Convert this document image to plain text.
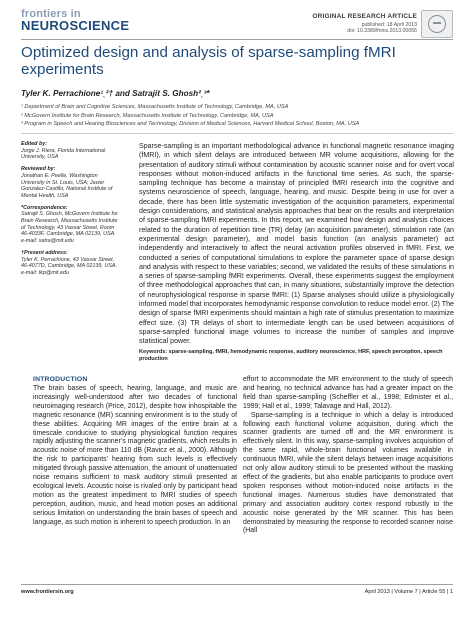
frontiers in
NEUROSCIENCE
ORIGINAL RESEARCH ARTICLE
published: 18 April 2013
doi: 10.3389/fnins.2013.00055
Optimized design and analysis of sparse-sampling fMRI experiments
Tyler K. Perrachione¹ˎ²† and Satrajit S. Ghosh²ˎ³*
¹ Department of Brain and Cognitive Sciences, Massachusetts Institute of Technology, Cambridge, MA, USA
² McGovern Institute for Brain Research, Massachusetts Institute of Technology, Cambridge, MA, USA
³ Program in Speech and Hearing Biosciences and Technology, Division of Medical Sciences, Harvard Medical School, Boston, MA, USA
Edited by:
Jorge J. Riera, Florida International University, USA
Reviewed by:
Jonathan E. Peelle, Washington University in St. Louis, USA; Javier Gonzalez-Castillo, National Institute of Mental Health, USA
*Correspondence:
Satrajit S. Ghosh, McGovern Institute for Brain Research, Massachusetts Institute of Technology, 43 Vassar Street, Room 46-4033F, Cambridge, MA 02139, USA. e-mail: satra@mit.edu
†Present address:
Tyler K. Perrachione, 43 Vassar Street, 46-4077D, Cambridge, MA 02139, USA. e-mail: tkp@mit.edu
Sparse-sampling is an important methodological advance in functional magnetic resonance imaging (fMRI), in which silent delays are introduced between MR volume acquisitions, allowing for the presentation of auditory stimuli without contamination by acoustic scanner noise and for overt vocal responses without motion-induced artifacts in the functional time series. As such, the sparse-sampling technique has become a mainstay of principled fMRI research into the cognitive and systems neuroscience of speech, language, hearing, and music. Despite being in use for over a decade, there has been little systematic investigation of the acquisition parameters, experimental design considerations, and statistical analysis approaches that bear on the results and interpretation of sparse-sampling fMRI experiments. In this report, we examined how design and analysis choices related to the duration of repetition time (TR) delay (an acquisition parameter), stimulation rate (an experimental design parameter), and model basis function (an analysis parameter) act independently and interactively to affect the neural activation profiles observed in fMRI. First, we conducted a series of computational simulations to explore the parameter space of sparse design and analysis with respect to these variables; second, we validated the results of these simulations in a series of sparse-sampling fMRI experiments. Overall, these experiments suggest the employment of three methodological approaches that can, in many situations, substantially improve the detection of neurophysiological response in sparse fMRI: (1) Sparse analyses should utilize a physiologically informed model that incorporates hemodynamic response convolution to reduce model error. (2) The design of sparse fMRI experiments should maintain a high rate of stimulus presentation to maximize effect size. (3) TR delays of short to intermediate length can be used between acquisitions of sparse-sampled functional image volumes to increase the number of samples and improve statistical power.
Keywords: sparse-sampling, fMRI, hemodynamic response, auditory neuroscience, HRF, speech perception, speech production
INTRODUCTION

The brain bases of speech, hearing, language, and music are increasingly well-understood after two decades of functional neuroimaging research (Price, 2012), despite how inhospitable the magnetic resonance (MR) scanning environment is to the study of these abilities. Acquiring MR images of the entire brain at a timescale conducive to studying physiological function requires rapidly adjusting the scanner’s magnetic gradients, which results in acoustic noise of more than 110 dB (Ravicz et al., 2000). Although the risk to participants’ hearing from such levels is effectively mitigated through passive attenuation, the amount of unattenuated noise remains sufficient to mask auditory stimuli presented at ecological levels. Acoustic noise is rivaled only by participant head motion as the greatest impediment to fMRI studies of speech perception, audition, music, and head motion poses an additional serious limitation on understanding the brain bases of speech and language, as such motion is inherent to speech production. In an

effort to accommodate the MR environment to the study of speech and hearing, no technical advance has had a greater impact on the field than sparse-sampling (Scheffler et al., 1998; Edmister et al., 1999; Hall et al., 1999; Talavage and Hall, 2012).

Sparse-sampling is a technique in which a delay is introduced following each functional volume acquisition, during which the scanner gradients are turned off and the MR environment is effectively silent. In this way, sparse-sampling involves acquisition of the same rapid, whole-brain functional volumes available in continuous fMRI, while the silent delays between image acquisitions not only allow auditory stimuli to be presented without the masking effect of the gradients, but also enable participants to produce overt spoken responses without motion-induced noise artifacts in the functional images. Numerous studies have demonstrated that primary and association auditory cortex respond robustly to the acoustic noise generated by the MR scanner. This has been demonstrated by measuring the response to recorded scanner noise (Hall

www.frontiersin.org	April 2013 | Volume 7 | Article 55 | 1
